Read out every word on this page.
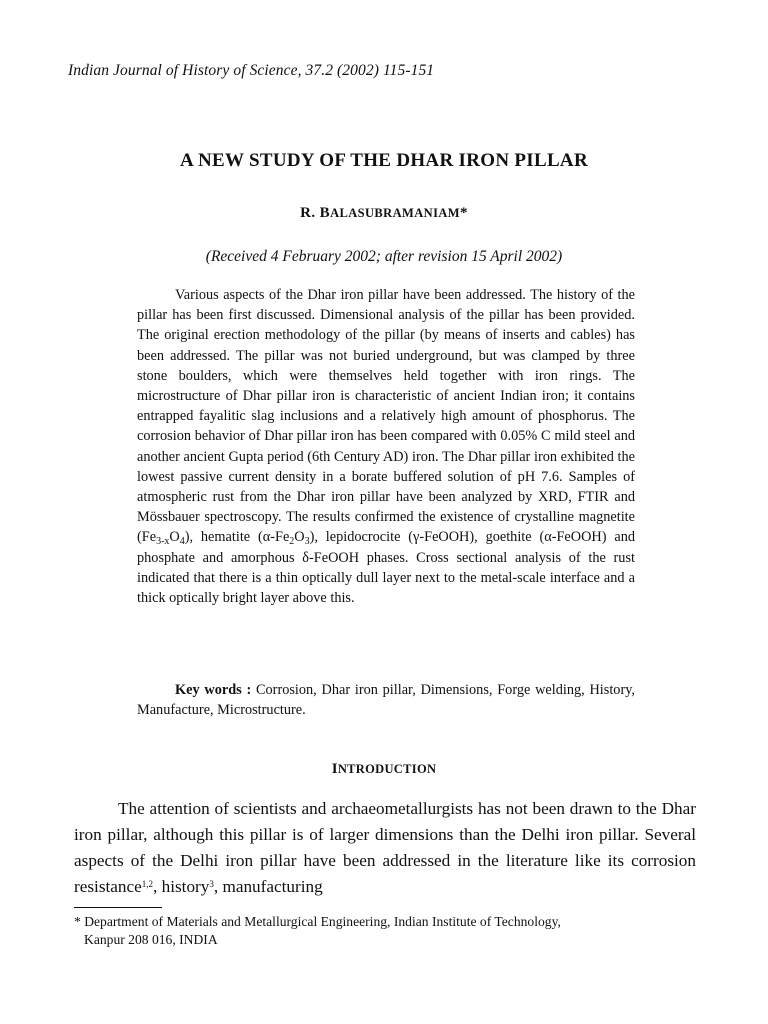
Indian Journal of History of Science, 37.2 (2002) 115-151
A NEW STUDY OF THE DHAR IRON PILLAR
R. BALASUBRAMANIAM*
(Received 4 February 2002; after revision 15 April 2002)

Various aspects of the Dhar iron pillar have been addressed. The history of the pillar has been first discussed. Dimensional analysis of the pillar has been provided. The original erection methodology of the pillar (by means of inserts and cables) has been addressed. The pillar was not buried underground, but was clamped by three stone boulders, which were themselves held together with iron rings. The microstructure of Dhar pillar iron is characteristic of ancient Indian iron; it contains entrapped fayalitic slag inclusions and a relatively high amount of phosphorus. The corrosion behavior of Dhar pillar iron has been compared with 0.05% C mild steel and another ancient Gupta period (6th Century AD) iron. The Dhar pillar iron exhibited the lowest passive current density in a borate buffered solution of pH 7.6. Samples of atmospheric rust from the Dhar iron pillar have been analyzed by XRD, FTIR and Mössbauer spectroscopy. The results confirmed the existence of crystalline magnetite $(Fe_{3-x}O_4)$, hematite $(\alpha-Fe_2O_3)$, lepidocrocite (γ-FeOOH), goethite (α-FeOOH) and phosphate and amorphous δ-FeOOH phases. Cross sectional analysis of the rust indicated that there is a thin optically dull layer next to the metal-scale interface and a thick optically bright layer above this.

Key words : Corrosion, Dhar iron pillar, Dimensions, Forge welding, History, Manufacture, Microstructure.
INTRODUCTION

The attention of scientists and archaeometallurgists has not been drawn to the Dhar iron pillar, although this pillar is of larger dimensions than the Delhi iron pillar. Several aspects of the Delhi iron pillar have been addressed in the literature like its corrosion resistance$^{1,2}$, history$^3$, manufacturing

* Department of Materials and Metallurgical Engineering, Indian Institute of Technology,
Kanpur 208 016, INDIA
